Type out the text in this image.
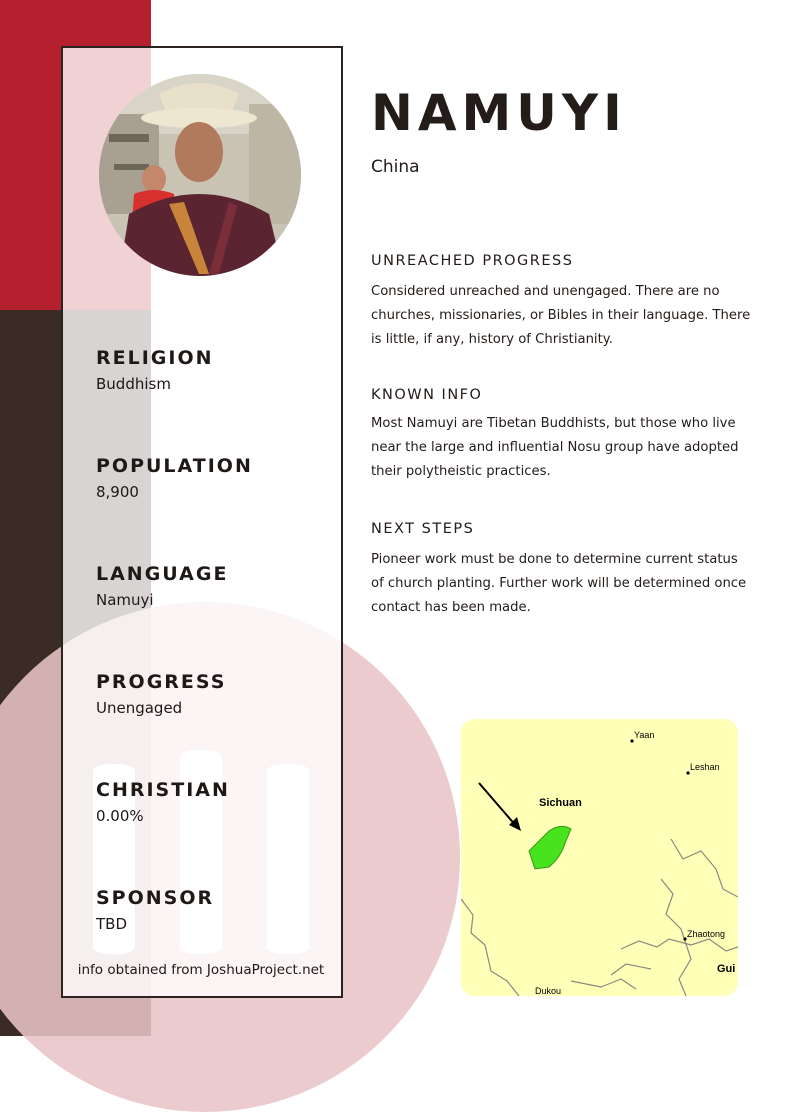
RELIGION
Buddhism
POPULATION
8,900
LANGUAGE
Namuyi
PROGRESS
Unengaged
CHRISTIAN
0.00%
SPONSOR
TBD
info obtained from JoshuaProject.net
NAMUYI
China
UNREACHED PROGRESS
Considered unreached and unengaged. There are no churches, missionaries, or Bibles in their language. There is little, if any, history of Christianity.
KNOWN INFO
Most Namuyi are Tibetan Buddhists, but those who live near the large and influential Nosu group have adopted their polytheistic practices.
NEXT STEPS
Pioneer work must be done to determine current status of church planting. Further work will be determined once contact has been made.
Yaan
Leshan
Sichuan
Zhaotong
Gui
Dukou
